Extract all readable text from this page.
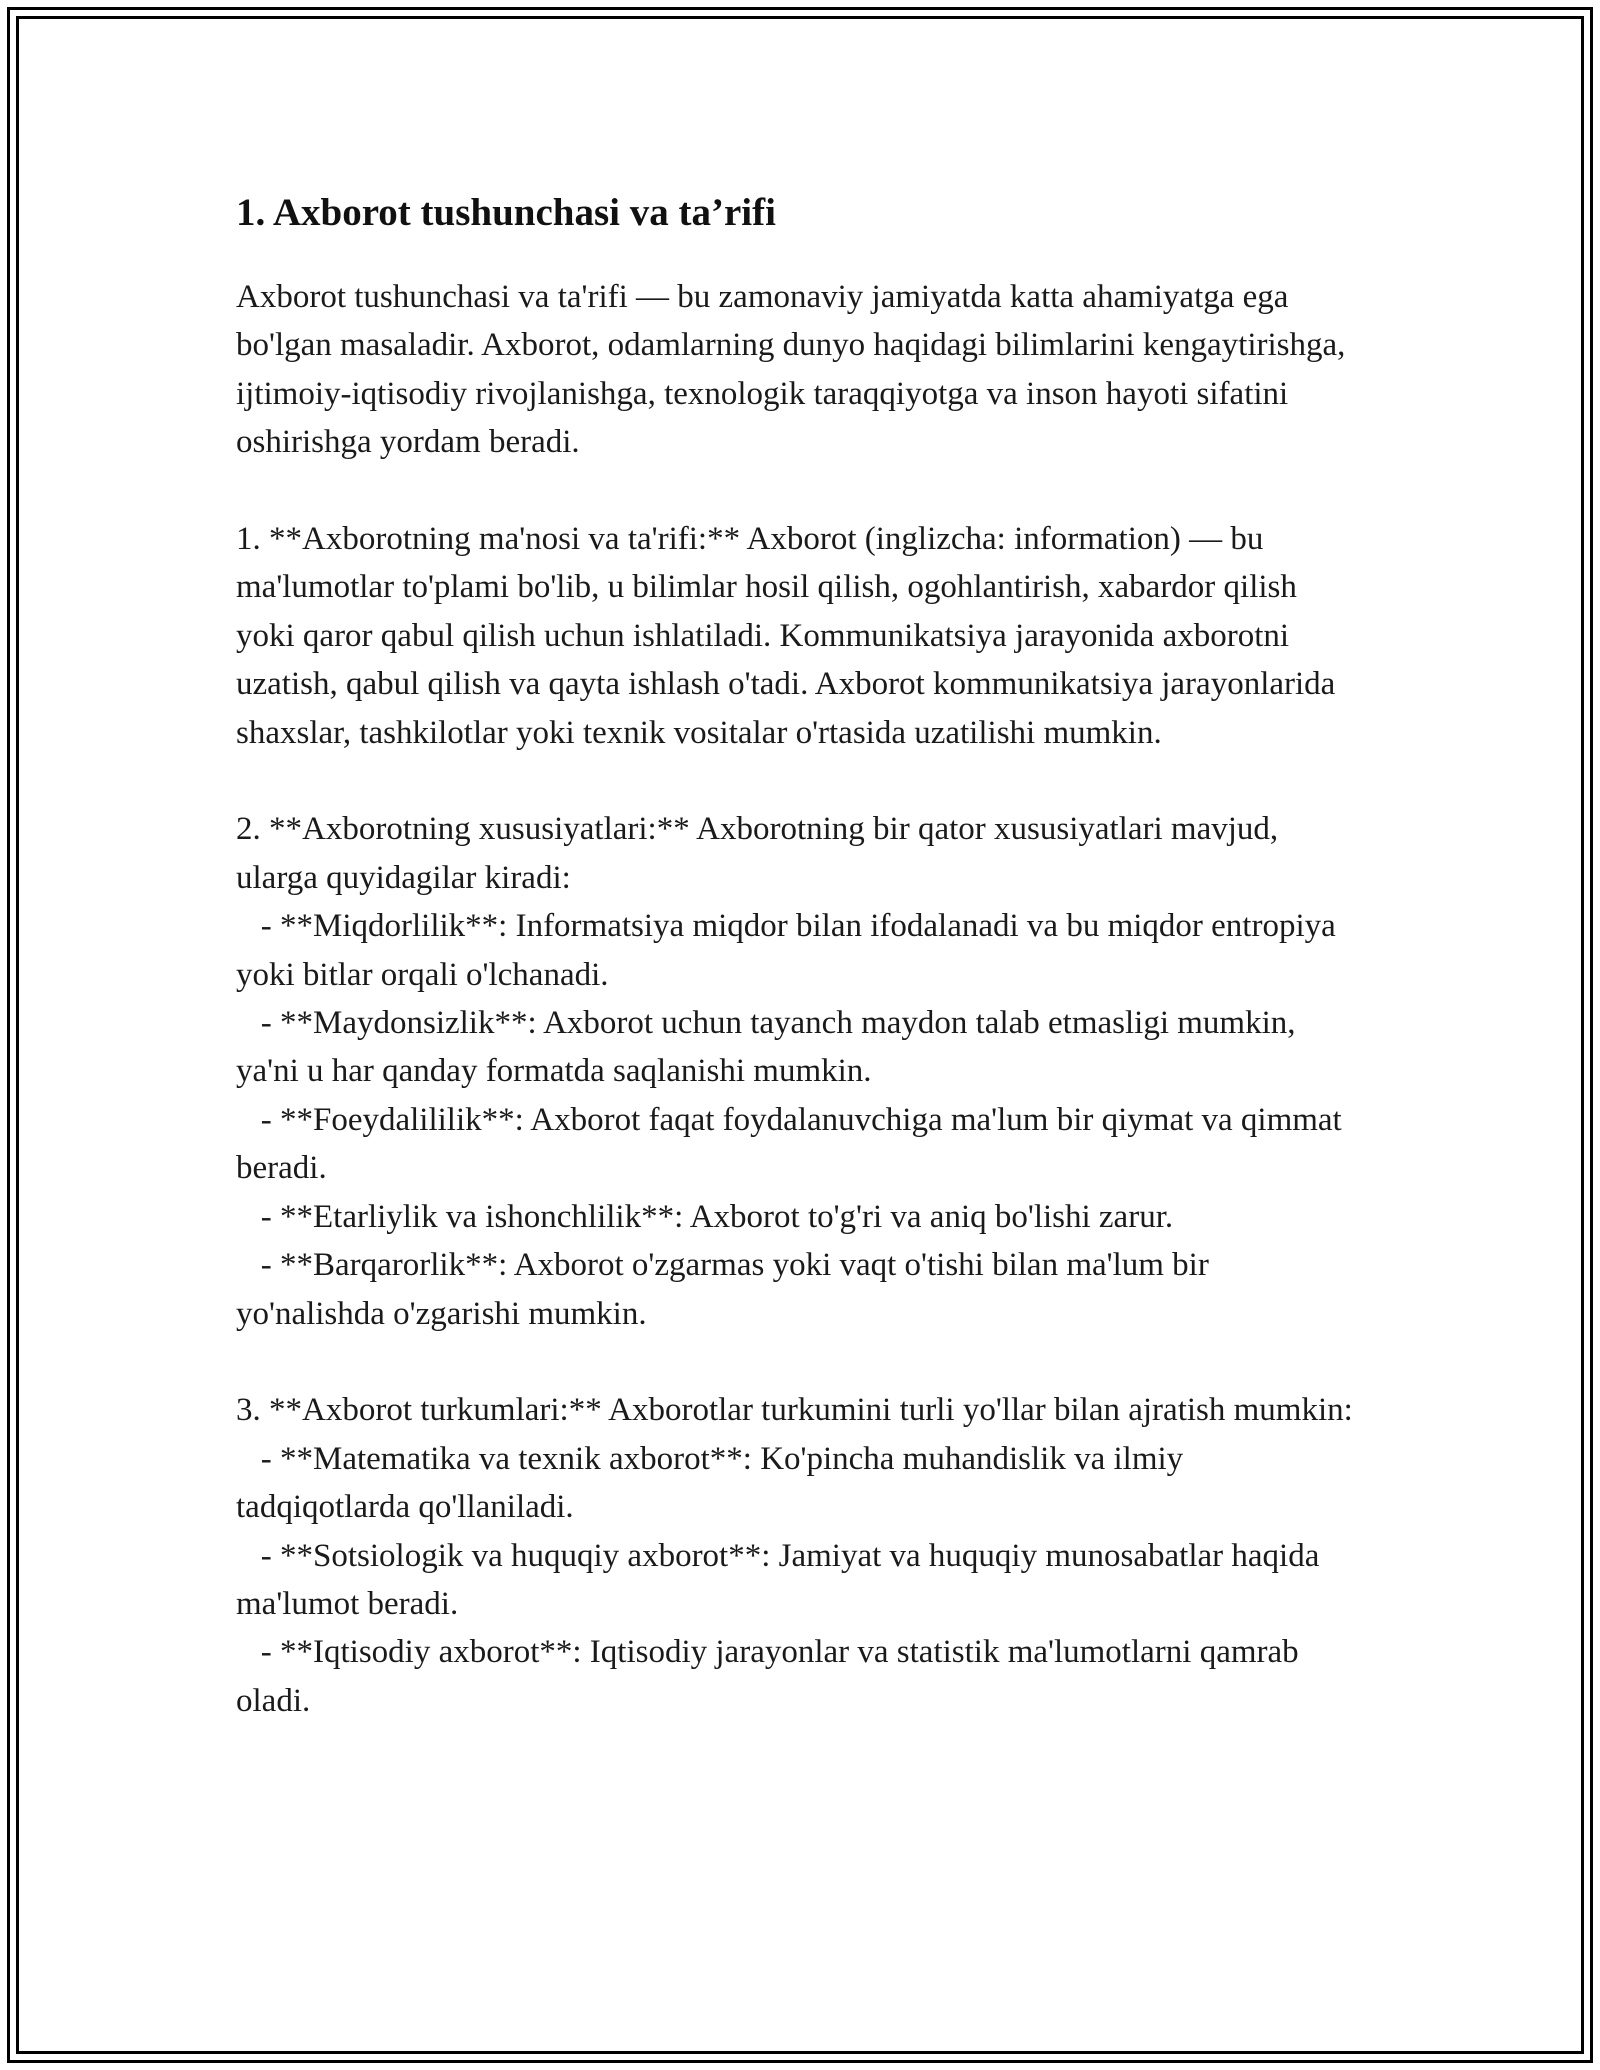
1. Axborot tushunchasi va ta’rifi

Axborot tushunchasi va ta'rifi — bu zamonaviy jamiyatda katta ahamiyatga ega bo'lgan masaladir. Axborot, odamlarning dunyo haqidagi bilimlarini kengaytirishga, ijtimoiy-iqtisodiy rivojlanishga, texnologik taraqqiyotga va inson hayoti sifatini oshirishga yordam beradi.

1. **Axborotning ma'nosi va ta'rifi:** Axborot (inglizcha: information) — bu ma'lumotlar to'plami bo'lib, u bilimlar hosil qilish, ogohlantirish, xabardor qilish yoki qaror qabul qilish uchun ishlatiladi. Kommunikatsiya jarayonida axborotni uzatish, qabul qilish va qayta ishlash o'tadi. Axborot kommunikatsiya jarayonlarida shaxslar, tashkilotlar yoki texnik vositalar o'rtasida uzatilishi mumkin.

2. **Axborotning xususiyatlari:** Axborotning bir qator xususiyatlari mavjud, ularga quyidagilar kiradi:

- **Miqdorlilik**: Informatsiya miqdor bilan ifodalanadi va bu miqdor entropiya yoki bitlar orqali o'lchanadi.

- **Maydonsizlik**: Axborot uchun tayanch maydon talab etmasligi mumkin, ya'ni u har qanday formatda saqlanishi mumkin.

- **Foeydalililik**: Axborot faqat foydalanuvchiga ma'lum bir qiymat va qimmat beradi.

- **Etarliylik va ishonchlilik**: Axborot to'g'ri va aniq bo'lishi zarur.

- **Barqarorlik**: Axborot o'zgarmas yoki vaqt o'tishi bilan ma'lum bir yo'nalishda o'zgarishi mumkin.

3. **Axborot turkumlari:** Axborotlar turkumini turli yo'llar bilan ajratish mumkin:

- **Matematika va texnik axborot**: Ko'pincha muhandislik va ilmiy tadqiqotlarda qo'llaniladi.

- **Sotsiologik va huquqiy axborot**: Jamiyat va huquqiy munosabatlar haqida ma'lumot beradi.

- **Iqtisodiy axborot**: Iqtisodiy jarayonlar va statistik ma'lumotlarni qamrab oladi.
